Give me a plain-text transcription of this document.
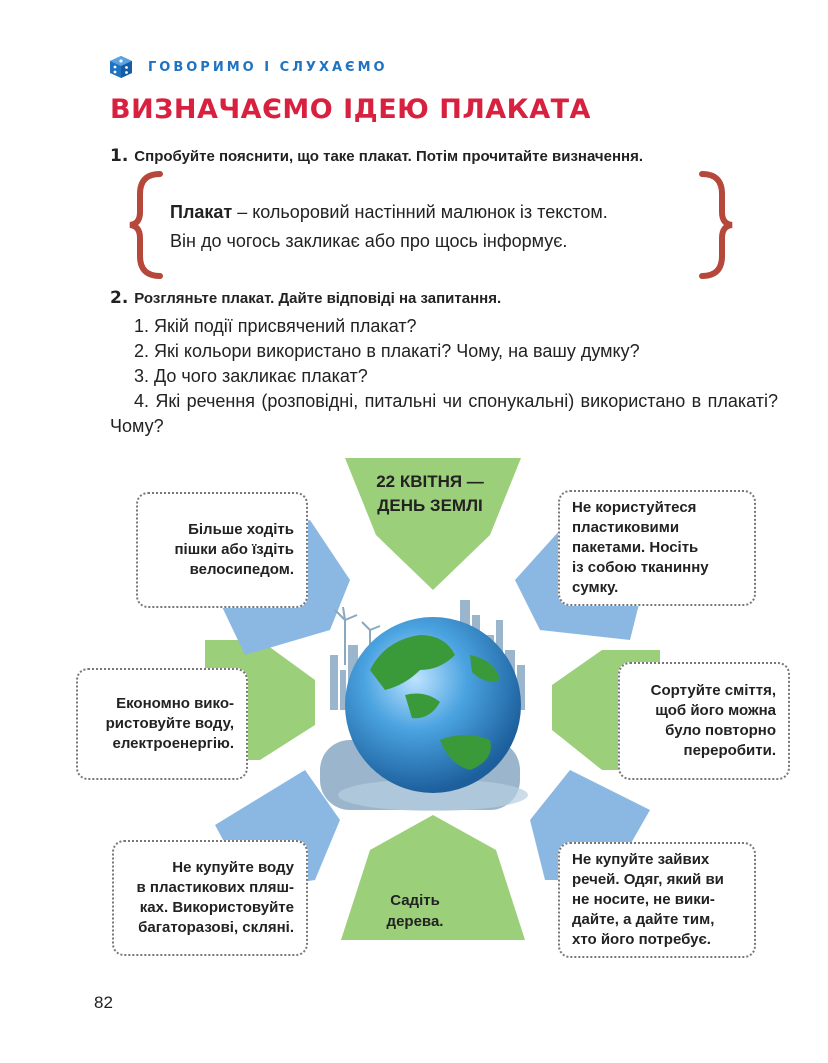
ГОВОРИМО І СЛУХАЄМО
ВИЗНАЧАЄМО ІДЕЮ ПЛАКАТА
1. Спробуйте пояснити, що таке плакат. Потім прочитайте визначення.
Плакат – кольоровий настінний малюнок із текстом.
Він до чогось закликає або про щось інформує.
2. Розгляньте плакат. Дайте відповіді на запитання.

1. Якій події присвячений плакат?

2. Які кольори використано в плакаті? Чому, на вашу думку?

3. До чого закликає плакат?

4. Які речення (розповідні, питальні чи спонукальні) використано в плакаті? Чому?

22 КВІТНЯ —
ДЕНЬ ЗЕМЛІ
Більше ходіть
пішки або їздіть
велосипедом.
Не користуйтеся
пластиковими
пакетами. Носіть
із собою тканинну
сумку.
Економно вико-
ристовуйте воду,
електроенергію.
Сортуйте сміття,
щоб його можна
було повторно
переробити.
Не купуйте воду
в пластикових пляш-
ках. Використовуйте
багаторазові, скляні.
Не купуйте зайвих
речей. Одяг, який ви
не носите, не вики-
дайте, а дайте тим,
хто його потребує.
Садіть
дерева.
82
